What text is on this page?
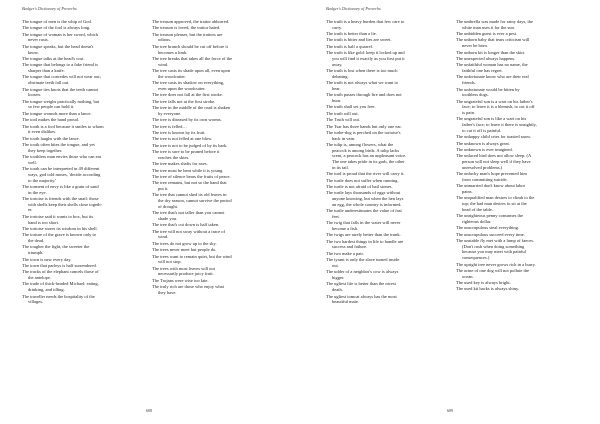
Badger's Dictionary of Proverbs
The tongue of men is the whip of God.
The tongue of the fool is always long.
The tongue of woman is her sword, which
never rusts.
The tongue speaks, but the head doesn't
know.
The tongue talks at the head's cost.
The tongue that belongs to a fake friend is
sharper than a knife.
The tongue that concedes will not wear out;
obstinate teeth fall out.
The tongue ties knots that the teeth cannot
loosen.
The tongue weighs practically nothing, but
so few people can hold it.
The tongue wounds more than a lance.
The tool makes the hand proud.
The tooth is a fool because it smiles to whom
it even dislikes.
The tooth laughs with the lance.
The tooth often bites the tongue, and yet
they keep together.
The toothless man envies those who can eat
well.
The torah can be interpreted in 49 different
ways, god told moses, 'decide according
to the majority.'
The torment of envy is like a grain of sand
in the eye.
The tortoise is friends with the snail: those
with shells keep their shells close togeth-
er.
The tortoise said it wants to box, but its
hand is too short.
The tortoise stores its wisdom in his shell.
The torture of the grave is known only to
the dead.
The tougher the fight, the sweeter the
triumph.
The town is new every day.
The town that parleys is half surrendered.
The tracks of the elephant cancels those of
the antelope.
The trade of thick-headed Michael: eating,
drinking, and idling.
The traveller needs the hospitality of the
villages.
The treason approved, the traitor abhorred.
The treason is loved, the traitor hated.
The treason pleases, but the traitors are
odious.
The tree branch should be cut off before it
becomes a limb.
The tree breaks that takes all the force of the
wind.
The tree casts its shade upon all, even upon
the woodcutter.
The tree casts its shadow on everything,
even upon the woodcutter.
The tree does not fall at the first stroke.
The tree falls not at the first stroke.
The tree in the middle of the road is shaken
by everyone.
The tree is diseased by its own worms.
The tree is felled…
The tree is known by its fruit.
The tree is not felled at one blow.
The tree is not to be judged of by its bark.
The tree is sure to be pruned before it
reaches the skies.
The tree makes shafts for axes.
The tree must be bent while it is young.
The tree of silence bears the fruits of peace.
The tree remains, but not so the hand that
put it.
The tree that cannot shed its old leaves in
the dry season, cannot survive the period
of drought.
The tree that's not taller than you cannot
shade you.
The tree that's cut down is half taken.
The tree will not sway without a trace of
wind.
The trees do not grow up to the sky.
The trees never meet but people do.
The trees want to remain quiet, but the wind
will not stop.
The trees with most leaves will not
necessarily produce juicy fruit.
The Trojans were wise too late.
The truly rich are those who enjoy what
they have.
608
Badger's Dictionary of Proverbs
The truth is a heavy burden that few care to
carry.
The truth is better than a lie.
The truth is bitter and lies are sweet.
The truth is half a quarrel.
The truth is like gold: keep it locked up and
you will find it exactly as you first put it
away.
The truth is lost when there is too much
debating.
The truth is not always what we want to
hear.
The truth passes through fire and does not
burn.
The truth shall set you free.
The truth will out.
The Truth will out.
The Tsar has three hands but only one ear.
The turbe-dog is perched on the tortoise's
back in vain.
The tulip is, among flowers, what the
peacock is among birds. A tulip lacks
scent, a peacock has an unpleasant voice.
The one takes pride in its garb, the other
in its tail.
The turd is proud that the river will carry it.
The turtle does not suffer when running.
The turtle is not afraid of hail stones.
The turtle lays thousands of eggs without
anyone knowing, but when the hen lays
an egg, the whole country is informed.
The turtle underestimates the value of fast
feet.
The twig that falls in the water will never
become a fish.
The twigs are rarely better than the trunk.
The two hardest things in life to handle are
success and failure.
The two make a pair.
The tyrant is only the slave turned inside
out.
The udder of a neighbor's cow is always
bigger.
The ugliest life is better than the nicest
death.
The ugliest tomcat always has the most
beautiful mate.
The umbrella was made for rainy days, the
white man uses it for the sun.
The unbidden guest is ever a pest.
The unborn baby that tears criticism will
never be born.
The unborn kit is longer than the skirt.
The unexpected always happens.
The unfaithful woman has no name, the
faithful one has regret.
The unfortunate know who are their real
friends.
The unfortunate would be bitten by
toothless dogs.
The ungrateful son is a wart on his father's
face; to leave it is a blemish, to cut it off
is pain.
The ungrateful son is like a wart on his
father's face; to leave it there is unsightly,
to cut it off is painful.
The unhappy child cries for toasted snow.
The unknown is always great.
The unknown is ever imagined.
The unlaced bird does not allow sleep. (A
person will not sleep well if they have
unresolved problems.)
The unlucky man's hope prevented him
from committing suicide.
The unmarried don't know about labor
pains.
The unqualified man desires to climb to the
top; the bad man desires to sit at the
head of the table.
The unrighteous penny consumes the
righteous dollar.
The unscrupulous steal everything.
The unscrupulous succeed every time.
The unstable fly met with a lump of faeces.
(Don't rush when doing something
because you may meet with painful
consequences.)
The upright tree never grows rich in a hurry.
The urine of one dog will not pollute the
ocean.
The used key is always bright.
The used kit hacks is always shiny.
609
